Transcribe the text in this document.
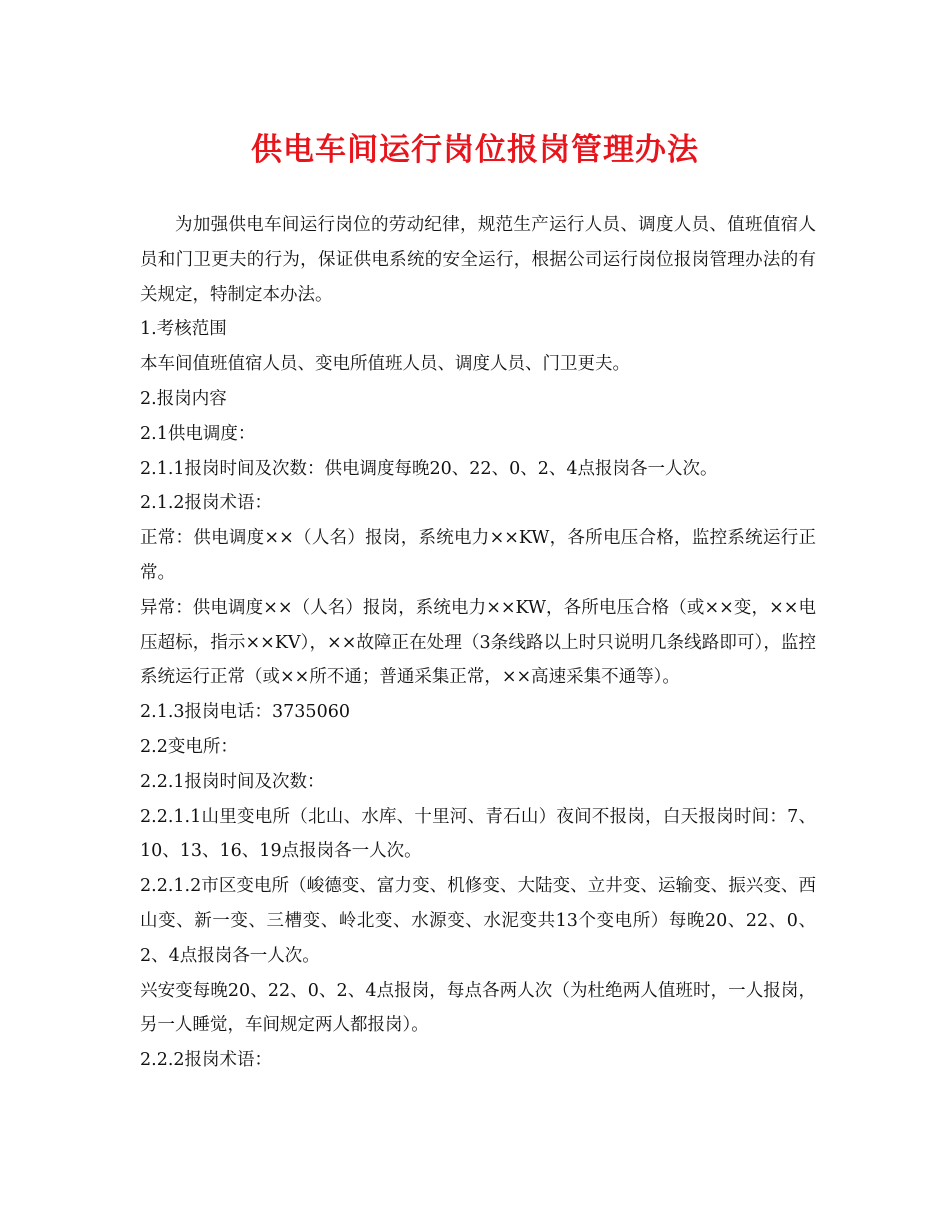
供电车间运行岗位报岗管理办法

为加强供电车间运行岗位的劳动纪律，规范生产运行人员、调度人员、值班值宿人员和门卫更夫的行为，保证供电系统的安全运行，根据公司运行岗位报岗管理办法的有关规定，特制定本办法。

1.考核范围

本车间值班值宿人员、变电所值班人员、调度人员、门卫更夫。

2.报岗内容

2.1供电调度：

2.1.1报岗时间及次数：供电调度每晚20、22、0、2、4点报岗各一人次。

2.1.2报岗术语：

正常：供电调度××（人名）报岗，系统电力××KW，各所电压合格，监控系统运行正常。

异常：供电调度××（人名）报岗，系统电力××KW，各所电压合格（或××变，××电压超标，指示××KV），××故障正在处理（3条线路以上时只说明几条线路即可），监控系统运行正常（或××所不通；普通采集正常，××高速采集不通等）。

2.1.3报岗电话：3735060

2.2变电所：

2.2.1报岗时间及次数：

2.2.1.1山里变电所（北山、水库、十里河、青石山）夜间不报岗，白天报岗时间：7、10、13、16、19点报岗各一人次。

2.2.1.2市区变电所（峻德变、富力变、机修变、大陆变、立井变、运输变、振兴变、西山变、新一变、三槽变、岭北变、水源变、水泥变共13个变电所）每晚20、22、0、2、4点报岗各一人次。

兴安变每晚20、22、0、2、4点报岗，每点各两人次（为杜绝两人值班时，一人报岗，另一人睡觉，车间规定两人都报岗）。

2.2.2报岗术语：
